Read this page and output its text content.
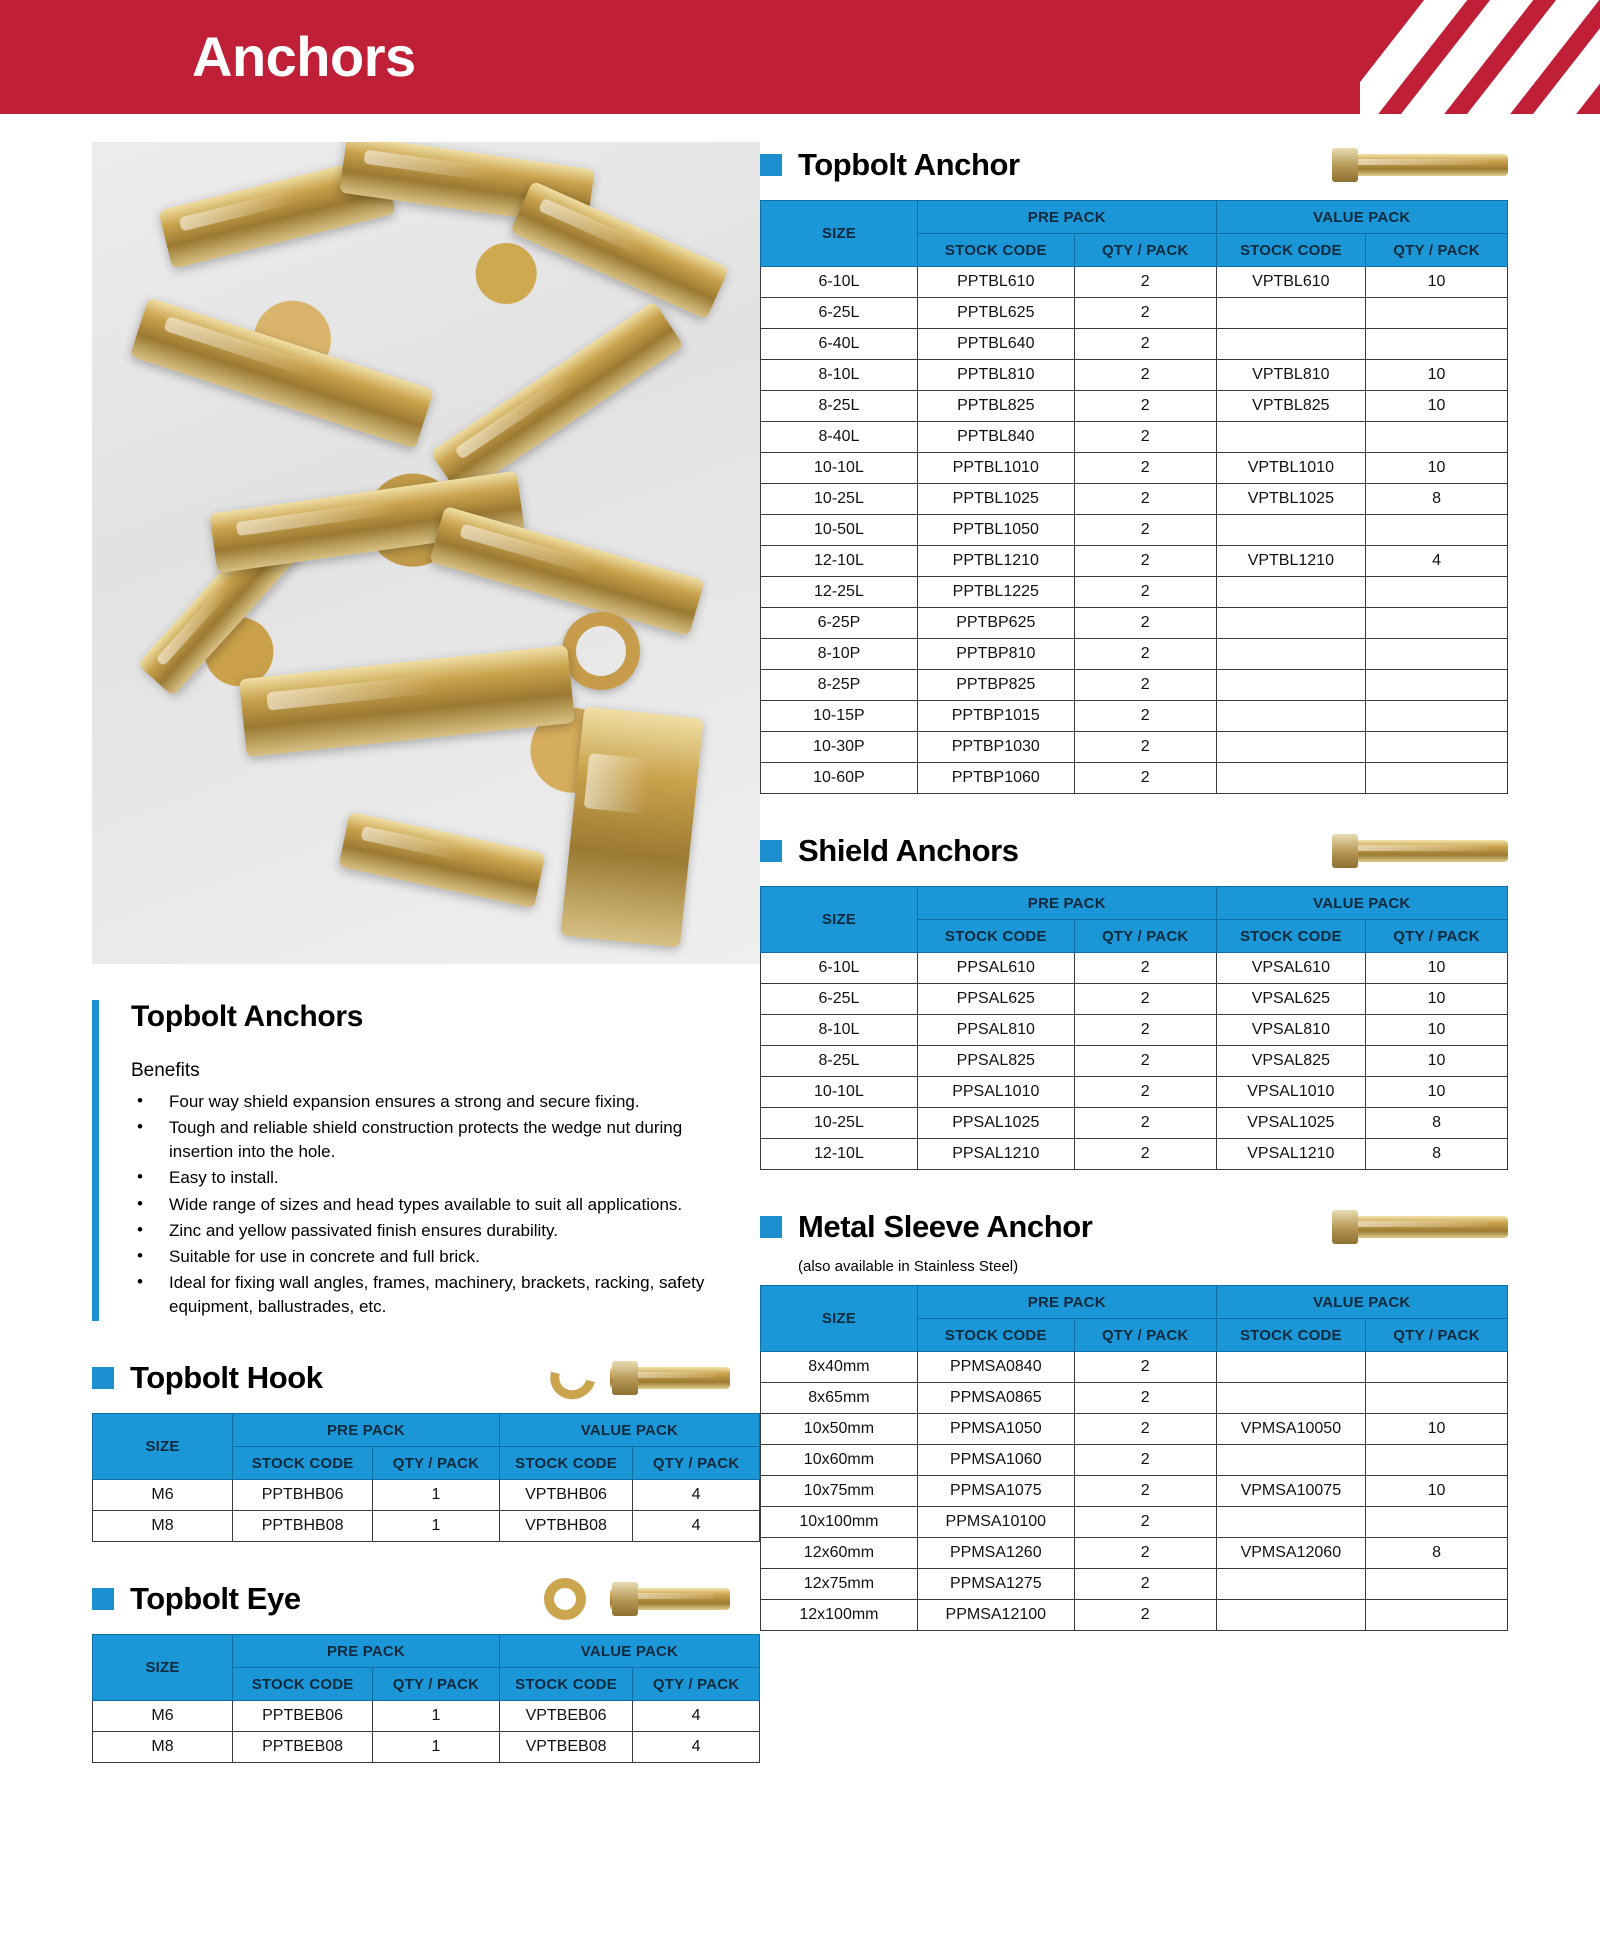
Anchors
Topbolt Anchors
Benefits
• Four way shield expansion ensures a strong and secure fixing.
• Tough and reliable shield construction protects the wedge nut during insertion into the hole.
• Easy to install.
• Wide range of sizes and head types available to suit all applications.
• Zinc and yellow passivated finish ensures durability.
• Suitable for use in concrete and full brick.
• Ideal for fixing wall angles, frames, machinery, brackets, racking, safety equipment, ballustrades, etc.
Topbolt Hook
SIZE	PRE PACK		VALUE PACK	
	STOCK CODE	QTY / PACK	STOCK CODE	QTY / PACK
M6	PPTBHB06	1	VPTBHB06	4
M8	PPTBHB08	1	VPTBHB08	4
Topbolt Eye
SIZE	PRE PACK		VALUE PACK	
	STOCK CODE	QTY / PACK	STOCK CODE	QTY / PACK
M6	PPTBEB06	1	VPTBEB06	4
M8	PPTBEB08	1	VPTBEB08	4
Topbolt Anchor
SIZE	PRE PACK		VALUE PACK	
	STOCK CODE	QTY / PACK	STOCK CODE	QTY / PACK
6-10L	PPTBL610	2	VPTBL610	10
6-25L	PPTBL625	2		
6-40L	PPTBL640	2		
8-10L	PPTBL810	2	VPTBL810	10
8-25L	PPTBL825	2	VPTBL825	10
8-40L	PPTBL840	2		
10-10L	PPTBL1010	2	VPTBL1010	10
10-25L	PPTBL1025	2	VPTBL1025	8
10-50L	PPTBL1050	2		
12-10L	PPTBL1210	2	VPTBL1210	4
12-25L	PPTBL1225	2		
6-25P	PPTBP625	2		
8-10P	PPTBP810	2		
8-25P	PPTBP825	2		
10-15P	PPTBP1015	2		
10-30P	PPTBP1030	2		
10-60P	PPTBP1060	2		
Shield Anchors
SIZE	PRE PACK		VALUE PACK	
	STOCK CODE	QTY / PACK	STOCK CODE	QTY / PACK
6-10L	PPSAL610	2	VPSAL610	10
6-25L	PPSAL625	2	VPSAL625	10
8-10L	PPSAL810	2	VPSAL810	10
8-25L	PPSAL825	2	VPSAL825	10
10-10L	PPSAL1010	2	VPSAL1010	10
10-25L	PPSAL1025	2	VPSAL1025	8
12-10L	PPSAL1210	2	VPSAL1210	8
Metal Sleeve Anchor
(also available in Stainless Steel)
SIZE	PRE PACK		VALUE PACK	
	STOCK CODE	QTY / PACK	STOCK CODE	QTY / PACK
8x40mm	PPMSA0840	2		
8x65mm	PPMSA0865	2		
10x50mm	PPMSA1050	2	VPMSA10050	10
10x60mm	PPMSA1060	2		
10x75mm	PPMSA1075	2	VPMSA10075	10
10x100mm	PPMSA10100	2		
12x60mm	PPMSA1260	2	VPMSA12060	8
12x75mm	PPMSA1275	2		
12x100mm	PPMSA12100	2		
